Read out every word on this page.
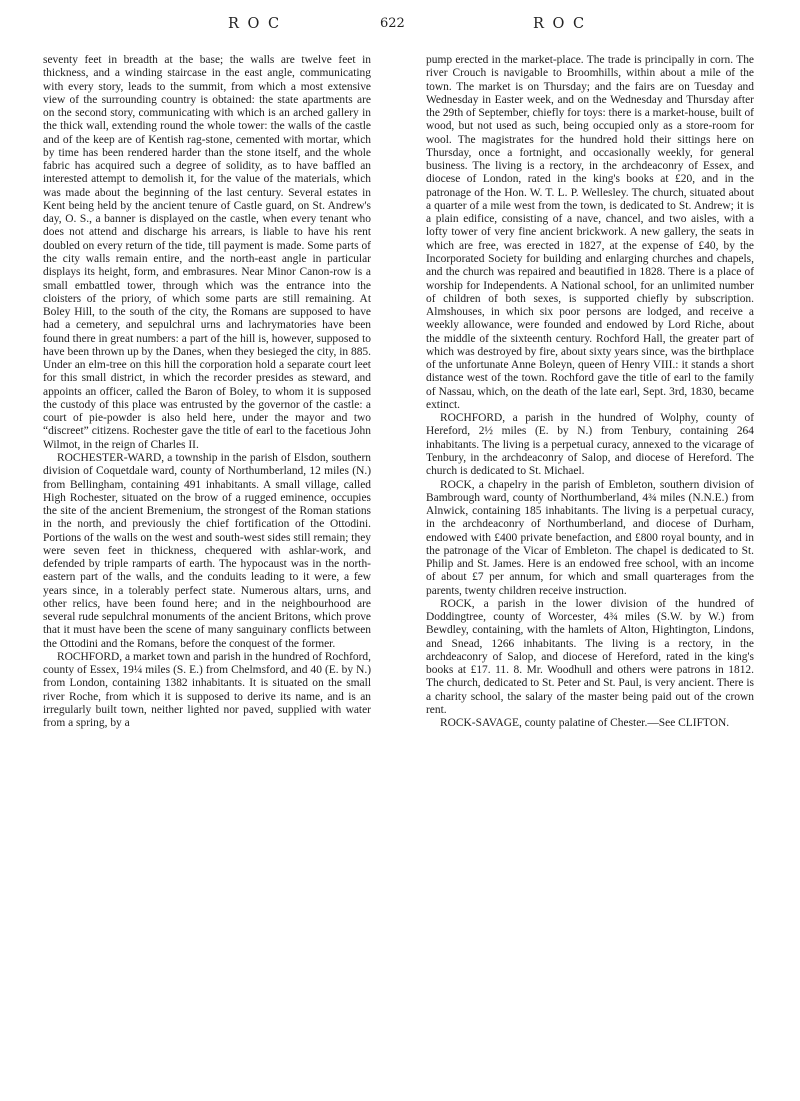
R O C	622	R O C

seventy feet in breadth at the base; the walls are twelve feet in thickness, and a winding staircase in the east angle, communicating with every story, leads to the summit, from which a most extensive view of the surrounding country is obtained: the state apartments are on the second story, communicating with which is an arched gallery in the thick wall, extending round the whole tower: the walls of the castle and of the keep are of Kentish rag-stone, cemented with mortar, which by time has been rendered harder than the stone itself, and the whole fabric has acquired such a degree of solidity, as to have baffled an interested attempt to demolish it, for the value of the materials, which was made about the beginning of the last century. Several estates in Kent being held by the ancient tenure of Castle guard, on St. Andrew's day, O. S., a banner is displayed on the castle, when every tenant who does not attend and discharge his arrears, is liable to have his rent doubled on every return of the tide, till payment is made. Some parts of the city walls remain entire, and the north-east angle in particular displays its height, form, and embrasures. Near Minor Canon-row is a small embattled tower, through which was the entrance into the cloisters of the priory, of which some parts are still remaining. At Boley Hill, to the south of the city, the Romans are supposed to have had a cemetery, and sepulchral urns and lachrymatories have been found there in great numbers: a part of the hill is, however, supposed to have been thrown up by the Danes, when they besieged the city, in 885. Under an elm-tree on this hill the corporation hold a separate court leet for this small district, in which the recorder presides as steward, and appoints an officer, called the Baron of Boley, to whom it is supposed the custody of this place was entrusted by the governor of the castle: a court of pie-powder is also held here, under the mayor and two “discreet” citizens. Rochester gave the title of earl to the facetious John Wilmot, in the reign of Charles II.

ROCHESTER-WARD, a township in the parish of Elsdon, southern division of Coquetdale ward, county of Northumberland, 12 miles (N.) from Bellingham, containing 491 inhabitants. A small village, called High Rochester, situated on the brow of a rugged eminence, occupies the site of the ancient Bremenium, the strongest of the Roman stations in the north, and previously the chief fortification of the Ottodini. Portions of the walls on the west and south-west sides still remain; they were seven feet in thickness, chequered with ashlar-work, and defended by triple ramparts of earth. The hypocaust was in the north-eastern part of the walls, and the conduits leading to it were, a few years since, in a tolerably perfect state. Numerous altars, urns, and other relics, have been found here; and in the neighbourhood are several rude sepulchral monuments of the ancient Britons, which prove that it must have been the scene of many sanguinary conflicts between the Ottodini and the Romans, before the conquest of the former.

ROCHFORD, a market town and parish in the hundred of Rochford, county of Essex, 19¼ miles (S. E.) from Chelmsford, and 40 (E. by N.) from London, containing 1382 inhabitants. It is situated on the small river Roche, from which it is supposed to derive its name, and is an irregularly built town, neither lighted nor paved, supplied with water from a spring, by a

pump erected in the market-place. The trade is principally in corn. The river Crouch is navigable to Broomhills, within about a mile of the town. The market is on Thursday; and the fairs are on Tuesday and Wednesday in Easter week, and on the Wednesday and Thursday after the 29th of September, chiefly for toys: there is a market-house, built of wood, but not used as such, being occupied only as a store-room for wool. The magistrates for the hundred hold their sittings here on Thursday, once a fortnight, and occasionally weekly, for general business. The living is a rectory, in the archdeaconry of Essex, and diocese of London, rated in the king's books at £20, and in the patronage of the Hon. W. T. L. P. Wellesley. The church, situated about a quarter of a mile west from the town, is dedicated to St. Andrew; it is a plain edifice, consisting of a nave, chancel, and two aisles, with a lofty tower of very fine ancient brickwork. A new gallery, the seats in which are free, was erected in 1827, at the expense of £40, by the Incorporated Society for building and enlarging churches and chapels, and the church was repaired and beautified in 1828. There is a place of worship for Independents. A National school, for an unlimited number of children of both sexes, is supported chiefly by subscription. Almshouses, in which six poor persons are lodged, and receive a weekly allowance, were founded and endowed by Lord Riche, about the middle of the sixteenth century. Rochford Hall, the greater part of which was destroyed by fire, about sixty years since, was the birthplace of the unfortunate Anne Boleyn, queen of Henry VIII.: it stands a short distance west of the town. Rochford gave the title of earl to the family of Nassau, which, on the death of the late earl, Sept. 3rd, 1830, became extinct.

ROCHFORD, a parish in the hundred of Wolphy, county of Hereford, 2½ miles (E. by N.) from Tenbury, containing 264 inhabitants. The living is a perpetual curacy, annexed to the vicarage of Tenbury, in the archdeaconry of Salop, and diocese of Hereford. The church is dedicated to St. Michael.

ROCK, a chapelry in the parish of Embleton, southern division of Bambrough ward, county of Northumberland, 4¾ miles (N.N.E.) from Alnwick, containing 185 inhabitants. The living is a perpetual curacy, in the archdeaconry of Northumberland, and diocese of Durham, endowed with £400 private benefaction, and £800 royal bounty, and in the patronage of the Vicar of Embleton. The chapel is dedicated to St. Philip and St. James. Here is an endowed free school, with an income of about £7 per annum, for which and small quarterages from the parents, twenty children receive instruction.

ROCK, a parish in the lower division of the hundred of Doddingtree, county of Worcester, 4¾ miles (S.W. by W.) from Bewdley, containing, with the hamlets of Alton, Hightington, Lindons, and Snead, 1266 inhabitants. The living is a rectory, in the archdeaconry of Salop, and diocese of Hereford, rated in the king's books at £17. 11. 8. Mr. Woodhull and others were patrons in 1812. The church, dedicated to St. Peter and St. Paul, is very ancient. There is a charity school, the salary of the master being paid out of the crown rent.

ROCK-SAVAGE, county palatine of Chester.—See CLIFTON.
